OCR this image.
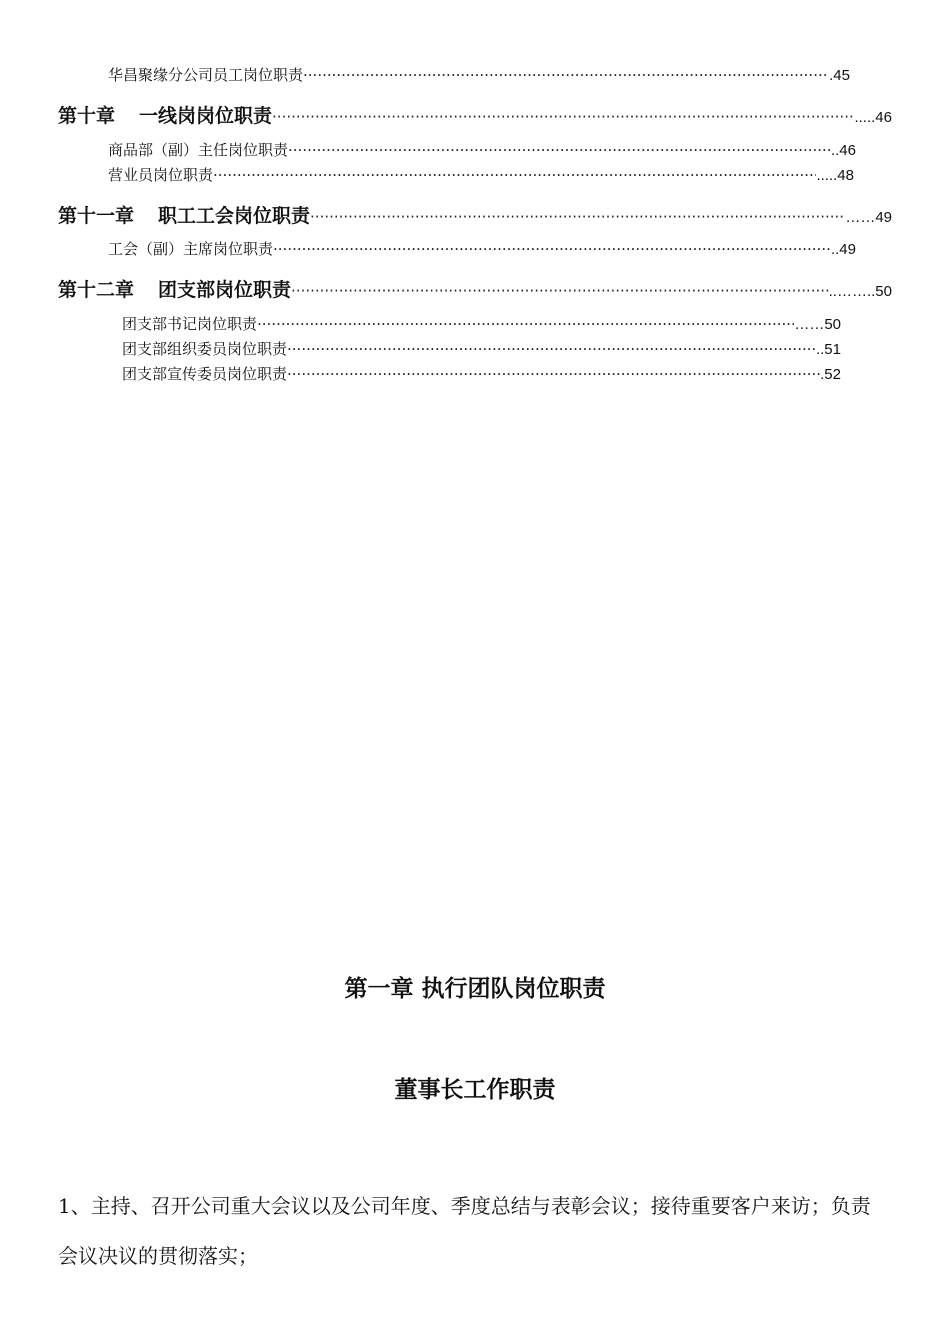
华昌聚缘分公司员工岗位职责 ·····	.45
第十章 一线岗岗位职责 ·····	.....46
商品部（副）主任岗位职责 ·····	..46
营业员岗位职责 ·····	.....48
第十一章 职工工会岗位职责 ·····	……49
工会（副）主席岗位职责 ·····	..49
第十二章 团支部岗位职责 ·····	..……..50
团支部书记岗位职责 ·····	……50
团支部组织委员岗位职责 ·····	..51
团支部宣传委员岗位职责 ·····	.52
第一章 执行团队岗位职责
董事长工作职责
1、主持、召开公司重大会议以及公司年度、季度总结与表彰会议；接待重要客户来访；负责会议决议的贯彻落实；
